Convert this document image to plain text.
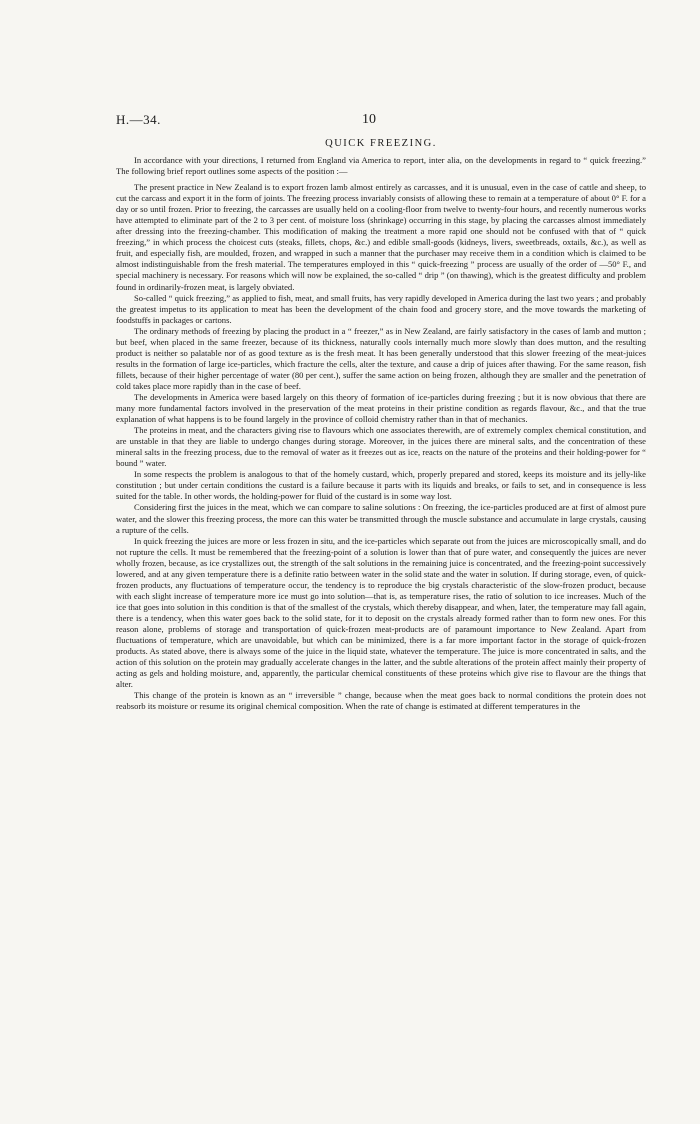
H.—34.	10
QUICK FREEZING.

In accordance with your directions, I returned from England via America to report, inter alia, on the developments in regard to “ quick freezing.” The following brief report outlines some aspects of the position :—

The present practice in New Zealand is to export frozen lamb almost entirely as carcasses, and it is unusual, even in the case of cattle and sheep, to cut the carcass and export it in the form of joints. The freezing process invariably consists of allowing these to remain at a temperature of about 0° F. for a day or so until frozen. Prior to freezing, the carcasses are usually held on a cooling-floor from twelve to twenty-four hours, and recently numerous works have attempted to eliminate part of the 2 to 3 per cent. of moisture loss (shrinkage) occurring in this stage, by placing the carcasses almost immediately after dressing into the freezing-chamber. This modification of making the treatment a more rapid one should not be confused with that of “ quick freezing,” in which process the choicest cuts (steaks, fillets, chops, &c.) and edible small-goods (kidneys, livers, sweetbreads, oxtails, &c.), as well as fruit, and especially fish, are moulded, frozen, and wrapped in such a manner that the purchaser may receive them in a condition which is claimed to be almost indistinguishable from the fresh material. The temperatures employed in this “ quick-freezing ” process are usually of the order of —50° F., and special machinery is necessary. For reasons which will now be explained, the so-called “ drip ” (on thawing), which is the greatest difficulty and problem found in ordinarily-frozen meat, is largely obviated.

So-called “ quick freezing,” as applied to fish, meat, and small fruits, has very rapidly developed in America during the last two years ; and probably the greatest impetus to its application to meat has been the development of the chain food and grocery store, and the move towards the marketing of foodstuffs in packages or cartons.

The ordinary methods of freezing by placing the product in a “ freezer,” as in New Zealand, are fairly satisfactory in the cases of lamb and mutton ; but beef, when placed in the same freezer, because of its thickness, naturally cools internally much more slowly than does mutton, and the resulting product is neither so palatable nor of as good texture as is the fresh meat. It has been generally understood that this slower freezing of the meat-juices results in the formation of large ice-particles, which fracture the cells, alter the texture, and cause a drip of juices after thawing. For the same reason, fish fillets, because of their higher percentage of water (80 per cent.), suffer the same action on being frozen, although they are smaller and the penetration of cold takes place more rapidly than in the case of beef.

The developments in America were based largely on this theory of formation of ice-particles during freezing ; but it is now obvious that there are many more fundamental factors involved in the preservation of the meat proteins in their pristine condition as regards flavour, &c., and that the true explanation of what happens is to be found largely in the province of colloid chemistry rather than in that of mechanics.

The proteins in meat, and the characters giving rise to flavours which one associates therewith, are of extremely complex chemical constitution, and are unstable in that they are liable to undergo changes during storage. Moreover, in the juices there are mineral salts, and the concentration of these mineral salts in the freezing process, due to the removal of water as it freezes out as ice, reacts on the nature of the proteins and their holding-power for “ bound ” water.

In some respects the problem is analogous to that of the homely custard, which, properly prepared and stored, keeps its moisture and its jelly-like constitution ; but under certain conditions the custard is a failure because it parts with its liquids and breaks, or fails to set, and in consequence is less suited for the table. In other words, the holding-power for fluid of the custard is in some way lost.

Considering first the juices in the meat, which we can compare to saline solutions : On freezing, the ice-particles produced are at first of almost pure water, and the slower this freezing process, the more can this water be transmitted through the muscle substance and accumulate in large crystals, causing a rupture of the cells.

In quick freezing the juices are more or less frozen in situ, and the ice-particles which separate out from the juices are microscopically small, and do not rupture the cells. It must be remembered that the freezing-point of a solution is lower than that of pure water, and consequently the juices are never wholly frozen, because, as ice crystallizes out, the strength of the salt solutions in the remaining juice is concentrated, and the freezing-point successively lowered, and at any given temperature there is a definite ratio between water in the solid state and the water in solution. If during storage, even, of quick-frozen products, any fluctuations of temperature occur, the tendency is to reproduce the big crystals characteristic of the slow-frozen product, because with each slight increase of temperature more ice must go into solution—that is, as temperature rises, the ratio of solution to ice increases. Much of the ice that goes into solution in this condition is that of the smallest of the crystals, which thereby disappear, and when, later, the temperature may fall again, there is a tendency, when this water goes back to the solid state, for it to deposit on the crystals already formed rather than to form new ones. For this reason alone, problems of storage and transportation of quick-frozen meat-products are of paramount importance to New Zealand. Apart from fluctuations of temperature, which are unavoidable, but which can be minimized, there is a far more important factor in the storage of quick-frozen products. As stated above, there is always some of the juice in the liquid state, whatever the temperature. The juice is more concentrated in salts, and the action of this solution on the protein may gradually accelerate changes in the latter, and the subtle alterations of the protein affect mainly their property of acting as gels and holding moisture, and, apparently, the particular chemical constituents of these proteins which give rise to flavour are the things that alter.

This change of the protein is known as an “ irreversible ” change, because when the meat goes back to normal conditions the protein does not reabsorb its moisture or resume its original chemical composition. When the rate of change is estimated at different temperatures in the
